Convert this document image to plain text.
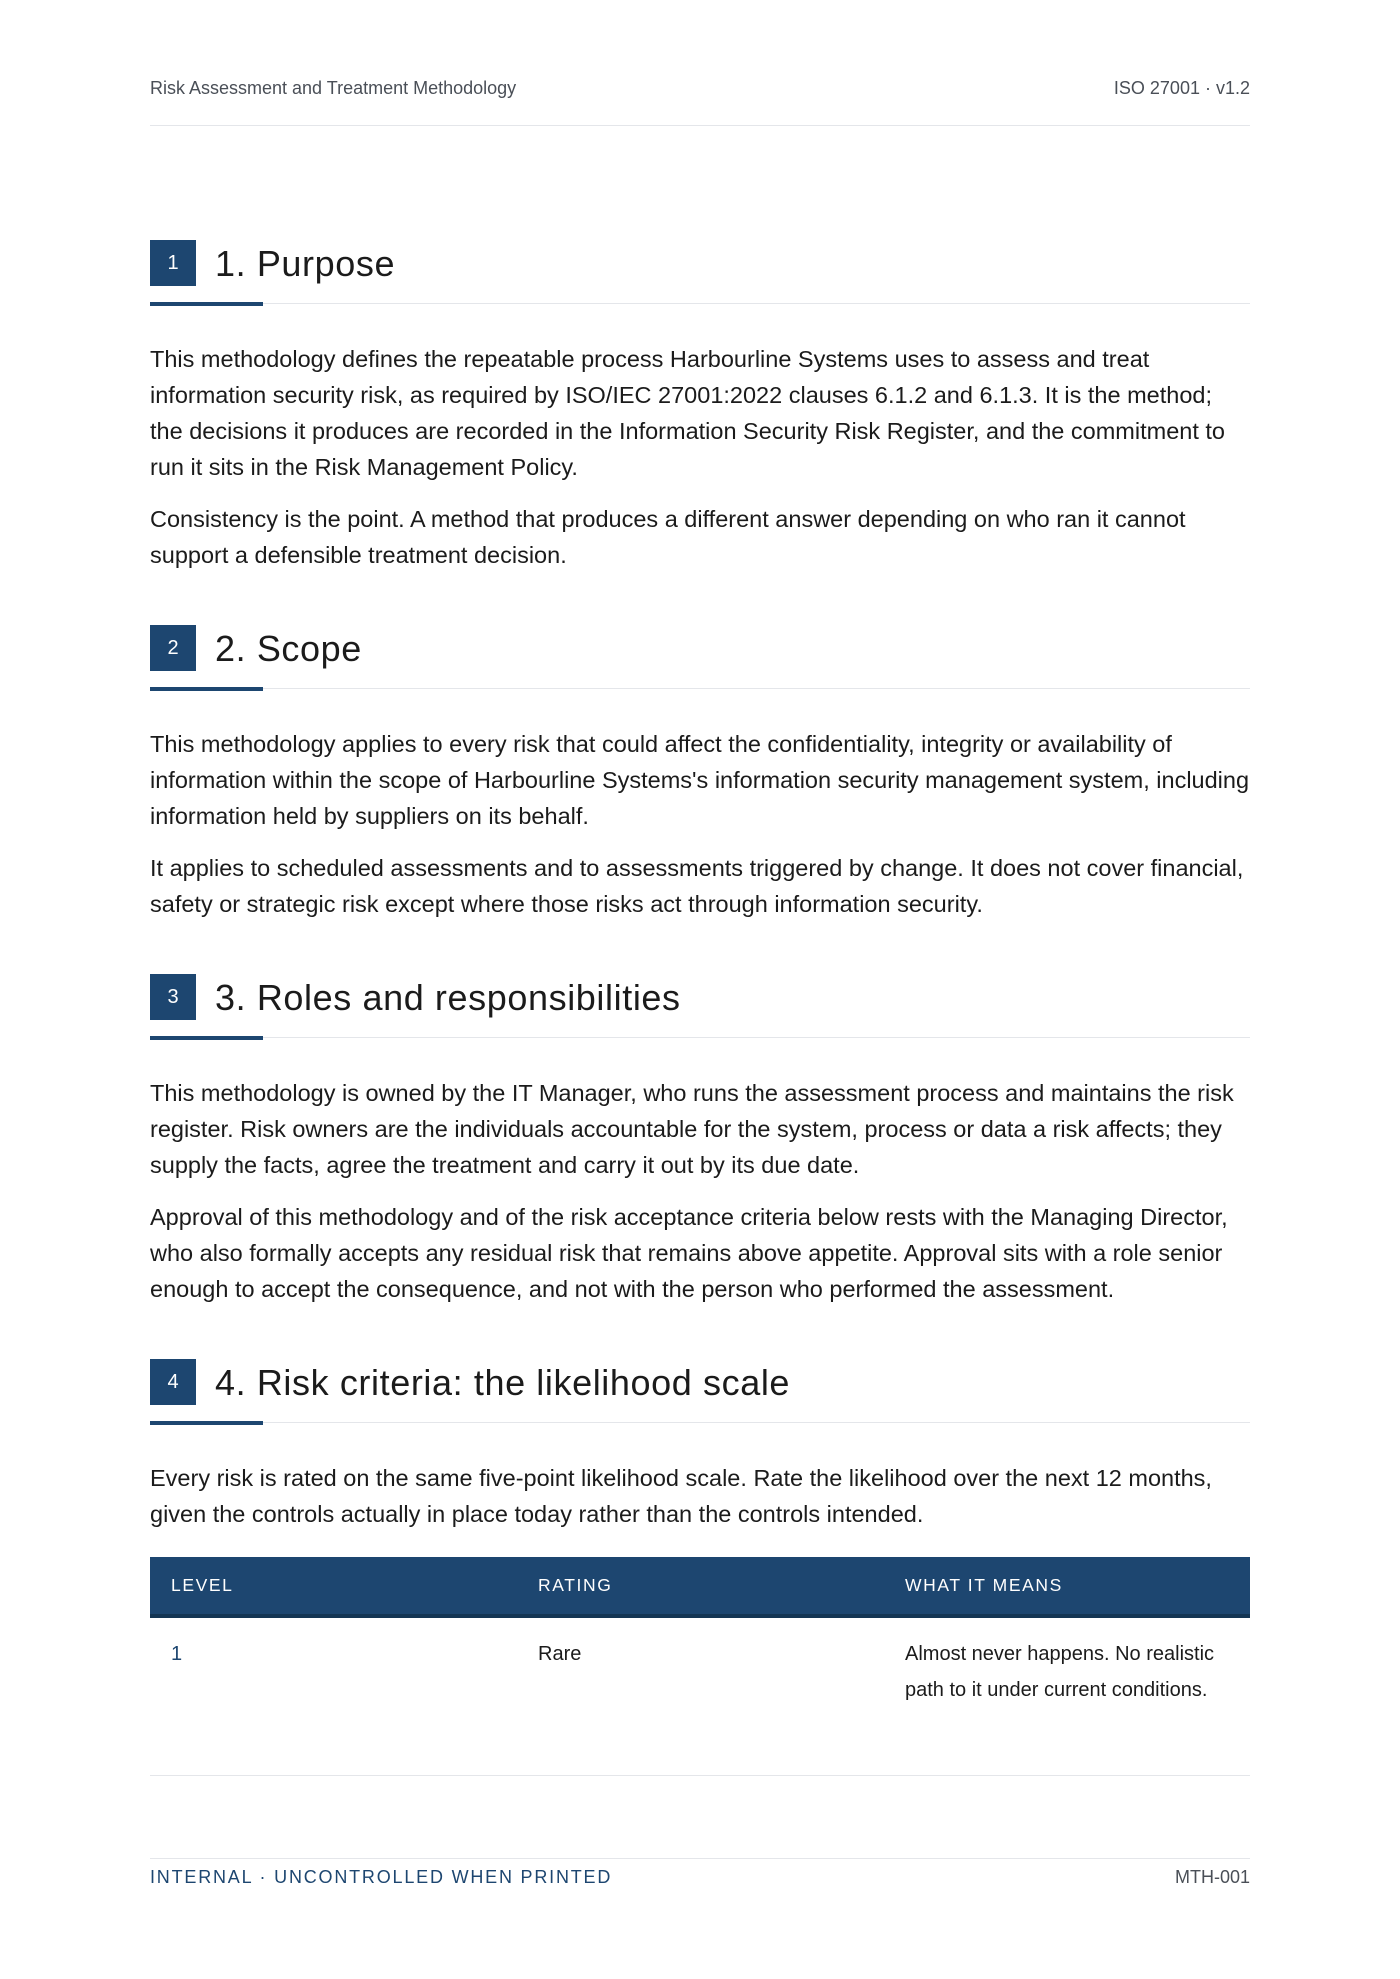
Risk Assessment and Treatment Methodology	ISO 27001 · v1.2
1	1. Purpose

This methodology defines the repeatable process Harbourline Systems uses to assess and treat information security risk, as required by ISO/IEC 27001:2022 clauses 6.1.2 and 6.1.3. It is the method; the decisions it produces are recorded in the Information Security Risk Register, and the commitment to run it sits in the Risk Management Policy.

Consistency is the point. A method that produces a different answer depending on who ran it cannot support a defensible treatment decision.

2	2. Scope

This methodology applies to every risk that could affect the confidentiality, integrity or availability of information within the scope of Harbourline Systems's information security management system, including information held by suppliers on its behalf.

It applies to scheduled assessments and to assessments triggered by change. It does not cover financial, safety or strategic risk except where those risks act through information security.

3	3. Roles and responsibilities

This methodology is owned by the IT Manager, who runs the assessment process and maintains the risk register. Risk owners are the individuals accountable for the system, process or data a risk affects; they supply the facts, agree the treatment and carry it out by its due date.

Approval of this methodology and of the risk acceptance criteria below rests with the Managing Director, who also formally accepts any residual risk that remains above appetite. Approval sits with a role senior enough to accept the consequence, and not with the person who performed the assessment.

4	4. Risk criteria: the likelihood scale

Every risk is rated on the same five-point likelihood scale. Rate the likelihood over the next 12 months, given the controls actually in place today rather than the controls intended.

LEVEL	RATING	WHAT IT MEANS
1	Rare	Almost never happens. No realistic
path to it under current conditions.
INTERNAL · UNCONTROLLED WHEN PRINTED	MTH-001
